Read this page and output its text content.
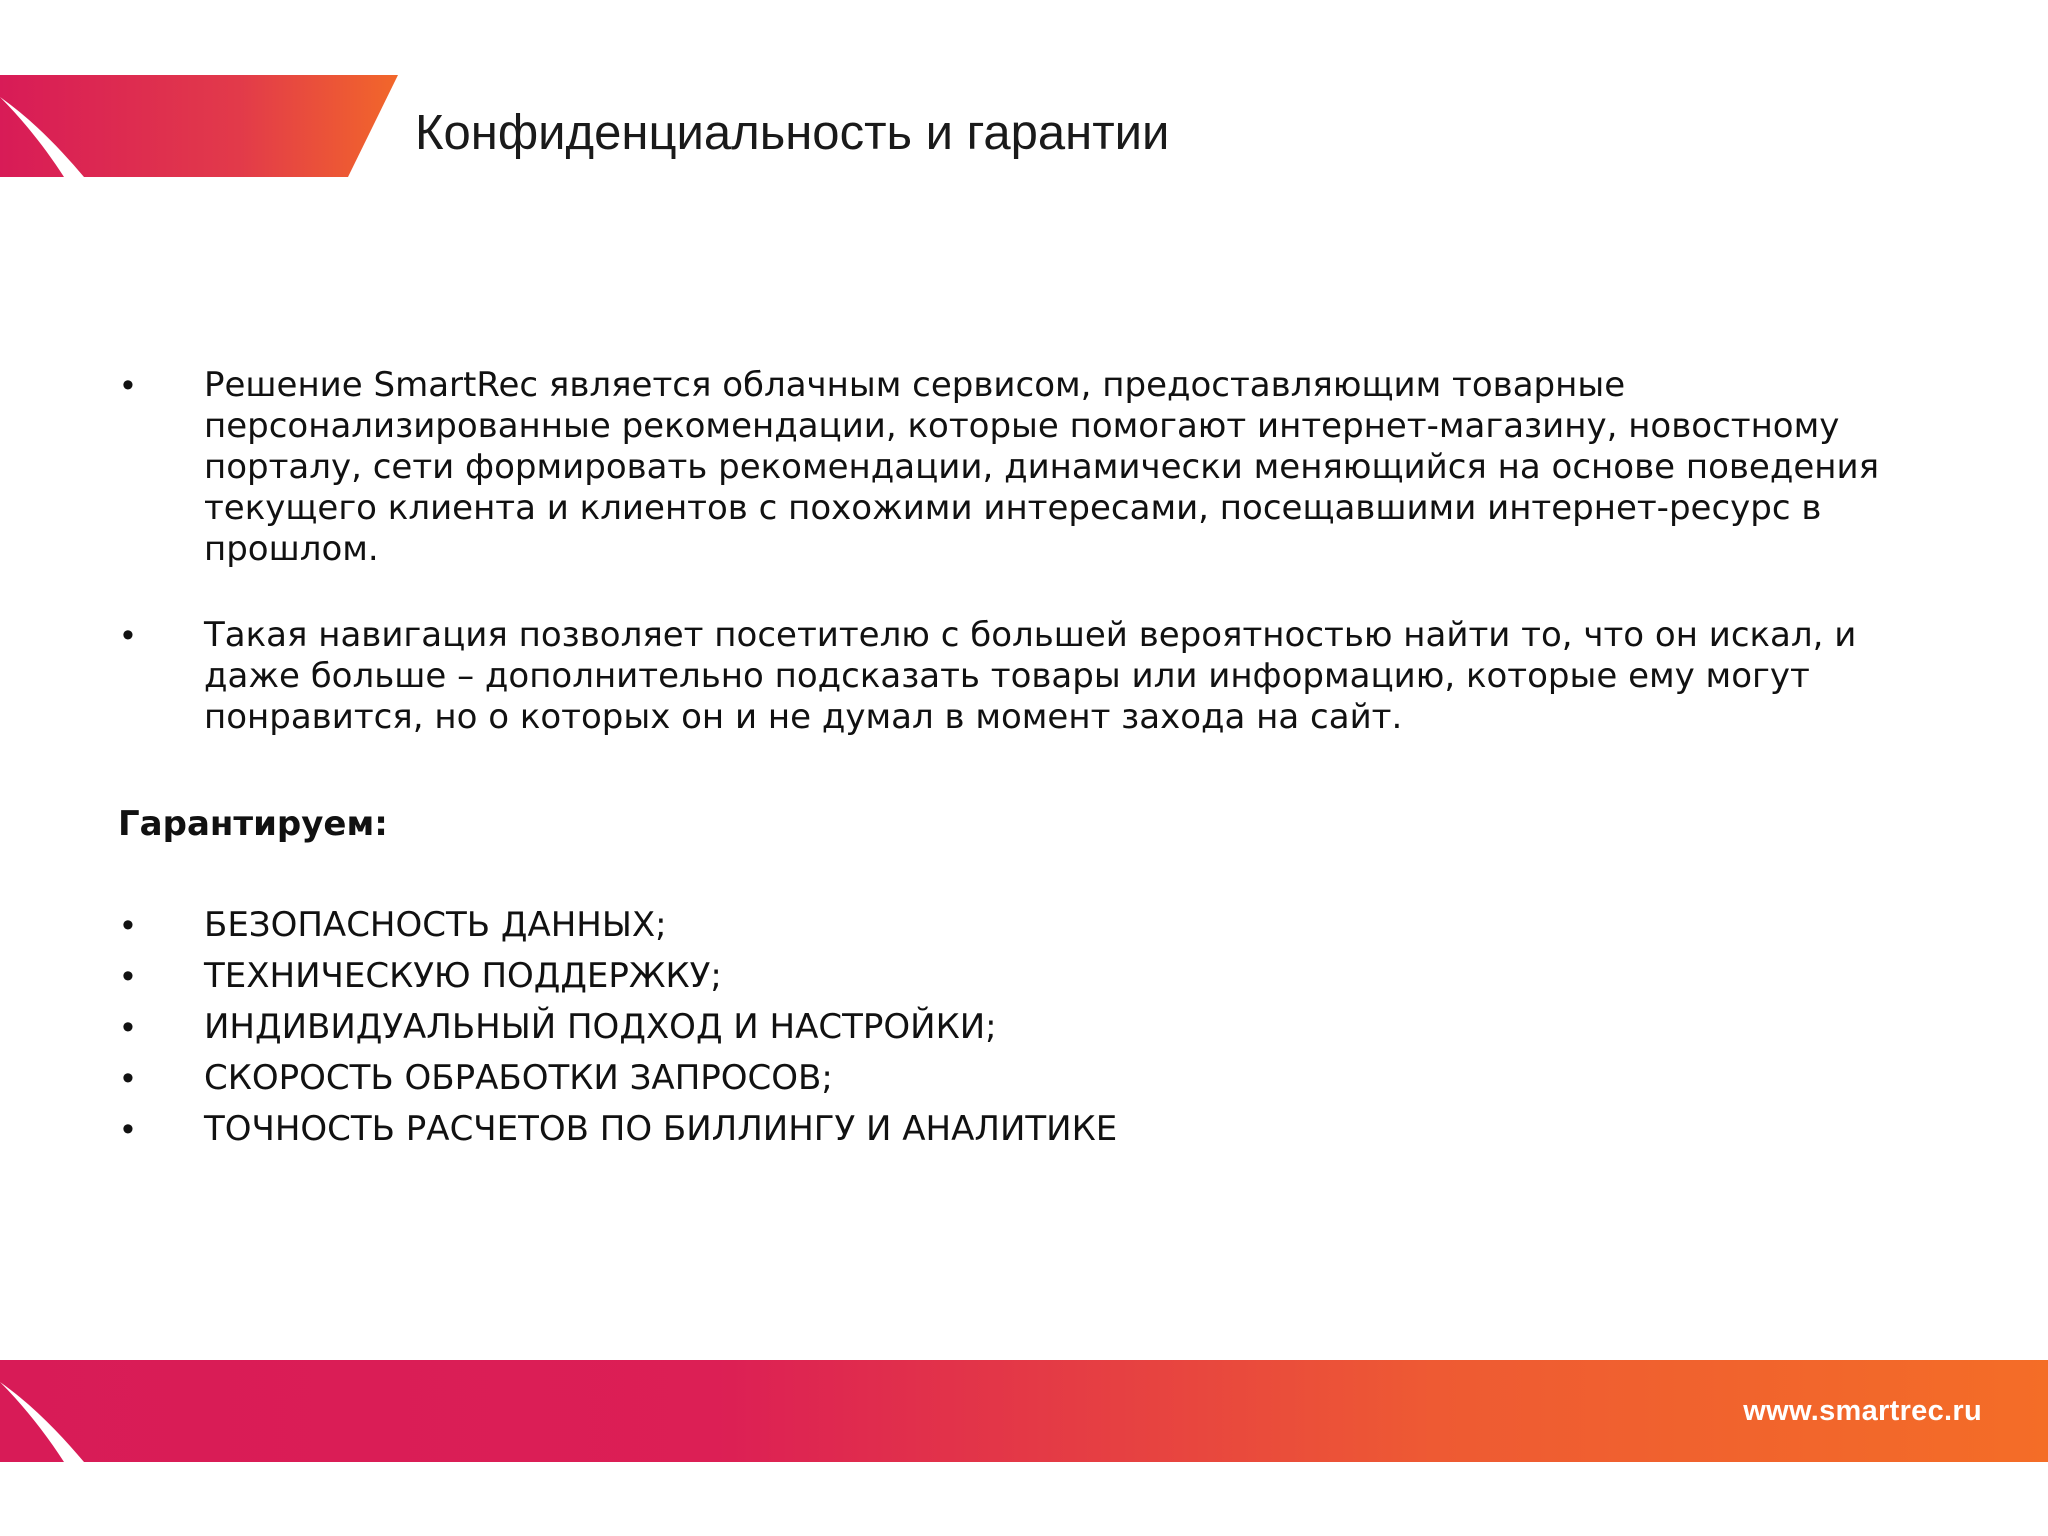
Конфиденциальность и гарантии
•	Решение SmartRec является облачным сервисом, предоставляющим товарные персонализированные рекомендации, которые помогают интернет-магазину, новостному порталу, сети формировать рекомендации, динамически меняющийся на основе поведения текущего клиента и клиентов с похожими интересами, посещавшими интернет-ресурс в прошлом.
•	Такая навигация позволяет посетителю с большей вероятностью найти то, что он искал, и даже больше – дополнительно подсказать товары или информацию, которые ему могут понравится, но о которых он и не думал в момент захода на сайт.
Гарантируем:
•	БЕЗОПАСНОСТЬ ДАННЫХ;
•	ТЕХНИЧЕСКУЮ ПОДДЕРЖКУ;
•	ИНДИВИДУАЛЬНЫЙ ПОДХОД И НАСТРОЙКИ;
•	СКОРОСТЬ ОБРАБОТКИ ЗАПРОСОВ;
•	ТОЧНОСТЬ РАСЧЕТОВ ПО БИЛЛИНГУ И АНАЛИТИКЕ
www.smartrec.ru
